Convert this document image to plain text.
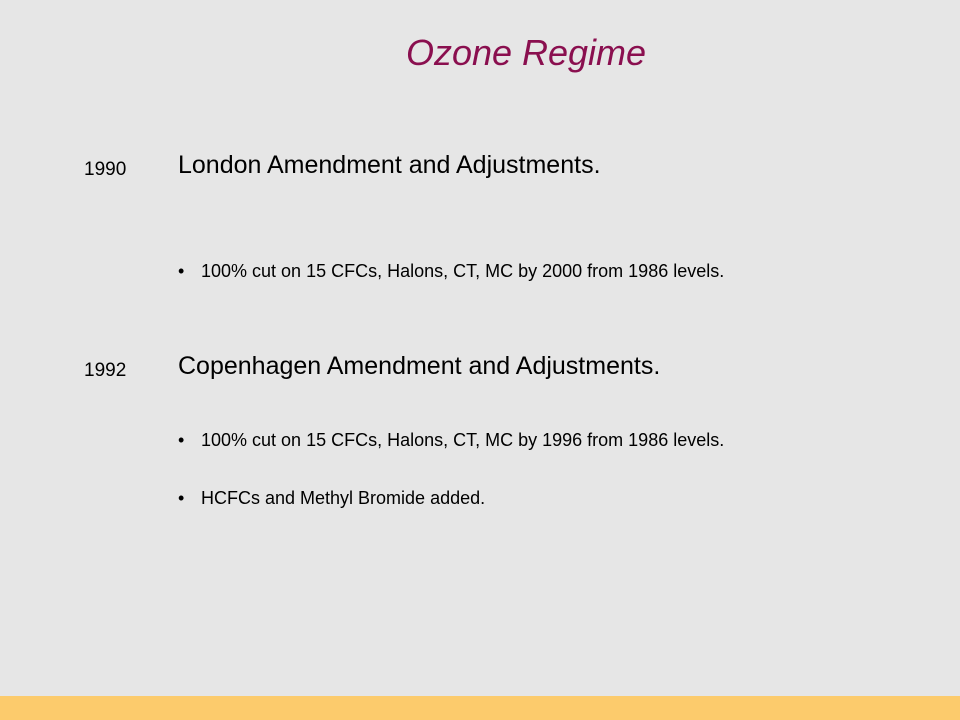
Ozone Regime
1990 London Amendment and Adjustments.
• 100% cut on 15 CFCs, Halons, CT, MC by 2000 from 1986 levels.
1992 Copenhagen Amendment and Adjustments.
• 100% cut on 15 CFCs, Halons, CT, MC by 1996 from 1986 levels.
• HCFCs and Methyl Bromide added.
